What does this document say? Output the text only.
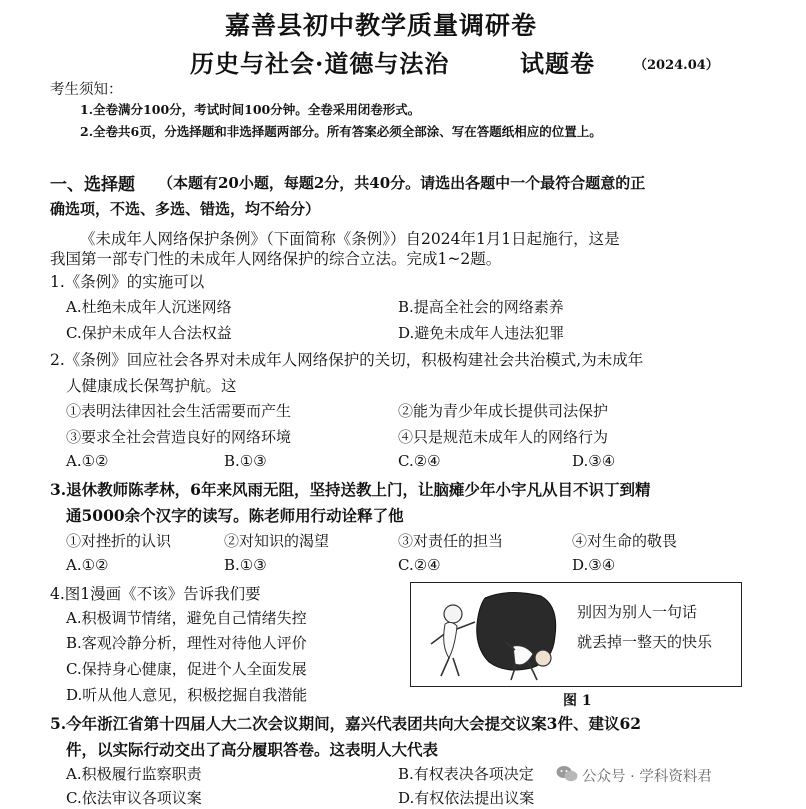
嘉善县初中教学质量调研卷
历史与社会·道德与法治	试题卷	（2024.04）
考生须知：
1.全卷满分100分，考试时间100分钟。全卷采用闭卷形式。
2.全卷共6页，分选择题和非选择题两部分。所有答案必须全部涂、写在答题纸相应的位置上。
一、选择题 （本题有20小题，每题2分，共40分。请选出各题中一个最符合题意的正
确选项，不选、多选、错选，均不给分）
《未成年人网络保护条例》（下面简称《条例》）自2024年1月1日起施行，这是
我国第一部专门性的未成年人网络保护的综合立法。完成1~2题。
1.《条例》的实施可以
A.杜绝未成年人沉迷网络	B.提高全社会的网络素养
C.保护未成年人合法权益	D.避免未成年人违法犯罪
2.《条例》回应社会各界对未成年人网络保护的关切，积极构建社会共治模式,为未成年
人健康成长保驾护航。这
①表明法律因社会生活需要而产生	②能为青少年成长提供司法保护
③要求全社会营造良好的网络环境	④只是规范未成年人的网络行为
A.①②	B.①③	C.②④	D.③④
3.退休教师陈孝林，6年来风雨无阻，坚持送教上门，让脑瘫少年小宇凡从目不识丁到精
通5000余个汉字的读写。陈老师用行动诠释了他
①对挫折的认识	②对知识的渴望	③对责任的担当	④对生命的敬畏
A.①②	B.①③	C.②④	D.③④
4.图1漫画《不该》告诉我们要
A.积极调节情绪，避免自己情绪失控
B.客观冷静分析，理性对待他人评价
C.保持身心健康，促进个人全面发展
D.听从他人意见，积极挖掘自我潜能
别因为别人一句话
就丢掉一整天的快乐
图 1
5.今年浙江省第十四届人大二次会议期间，嘉兴代表团共向大会提交议案3件、建议62
件，以实际行动交出了高分履职答卷。这表明人大代表
A.积极履行监察职责	B.有权表决各项决定
C.依法审议各项议案	D.有权依法提出议案
公众号 · 学科资料君
